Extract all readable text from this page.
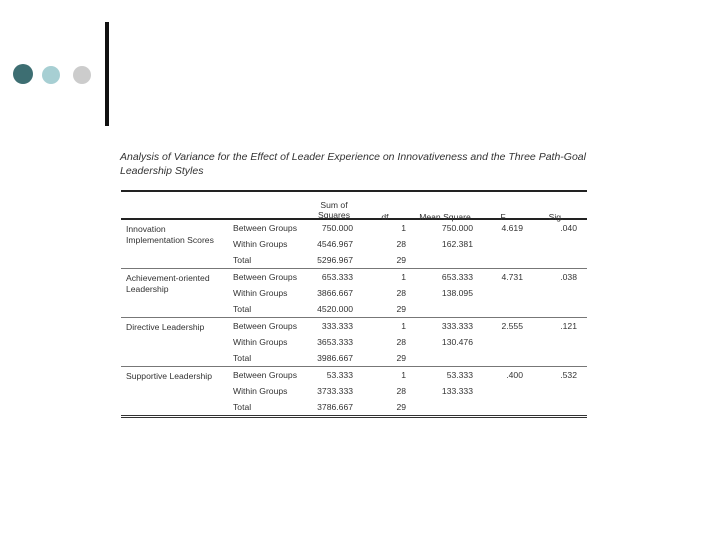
Analysis of Variance for the Effect of Leader Experience on Innovativeness and the Three Path-Goal Leadership Styles
Sum of
Squares	df	Mean Square	F	Sig.
Innovation
Implementation Scores
Between Groups	750.000	1	750.000	4.619	.040
Within Groups	4546.967	28	162.381
Total	5296.967	29
Achievement-oriented
Leadership
Between Groups	653.333	1	653.333	4.731	.038
Within Groups	3866.667	28	138.095
Total	4520.000	29
Directive Leadership	Between Groups	333.333	1	333.333	2.555	.121
Within Groups	3653.333	28	130.476
Total	3986.667	29
Supportive Leadership	Between Groups	53.333	1	53.333	.400	.532
Within Groups	3733.333	28	133.333
Total	3786.667	29
